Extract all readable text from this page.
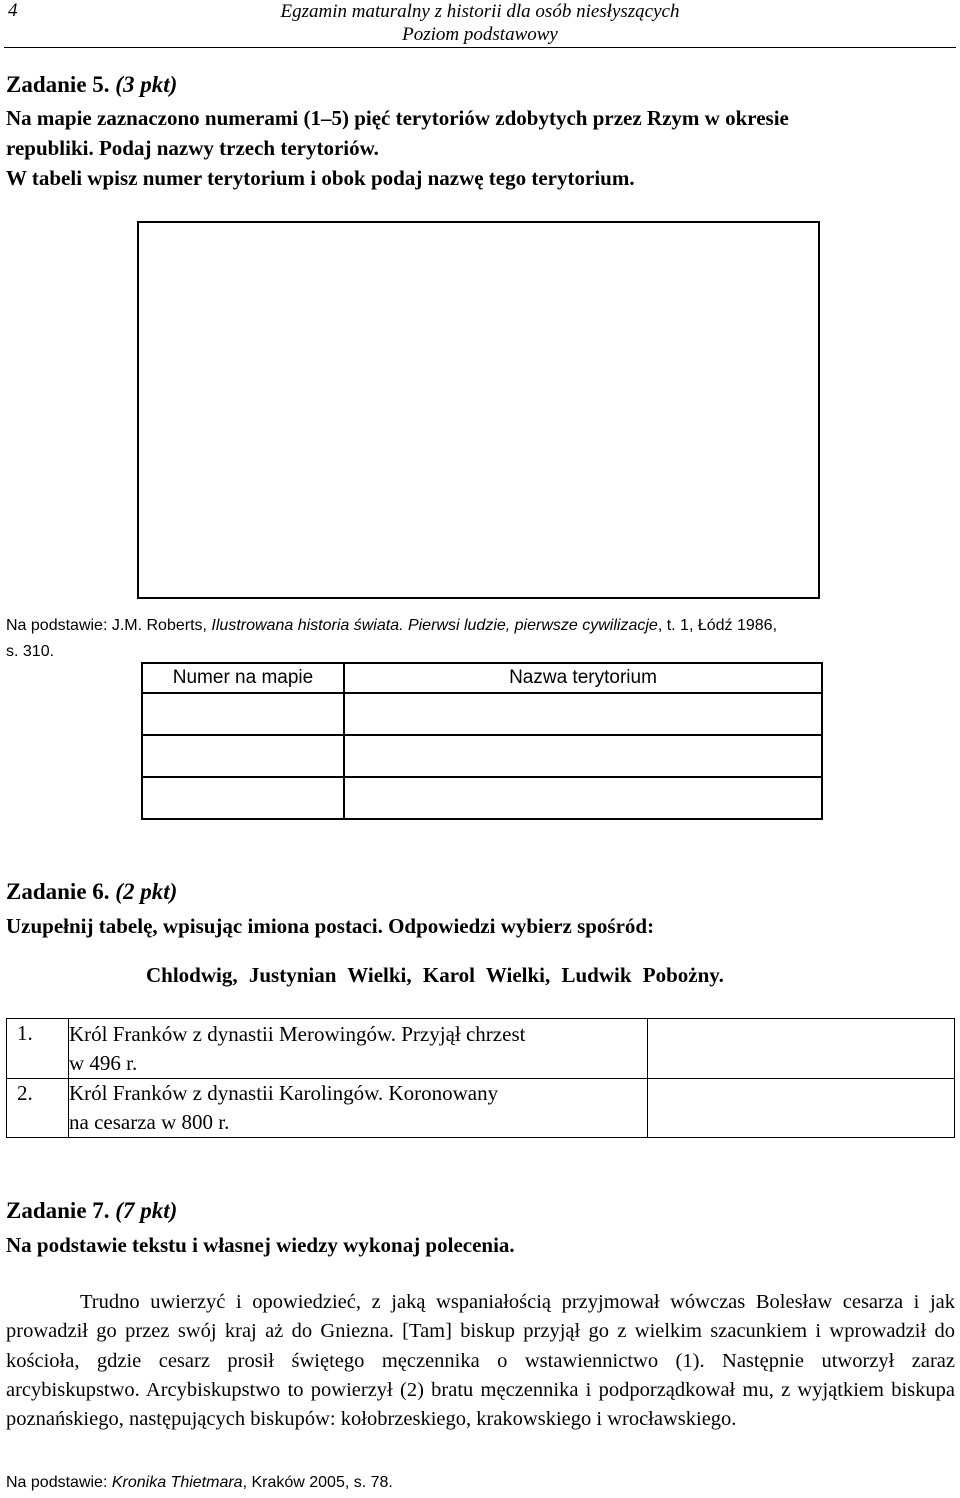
4	Egzamin maturalny z historii dla osób niesłyszących
Poziom podstawowy
Zadanie 5. (3 pkt)
Na mapie zaznaczono numerami (1–5) pięć terytoriów zdobytych przez Rzym w okresie
republiki. Podaj nazwy trzech terytoriów.
W tabeli wpisz numer terytorium i obok podaj nazwę tego terytorium.
Na podstawie: J.M. Roberts, Ilustrowana historia świata. Pierwsi ludzie, pierwsze cywilizacje, t. 1, Łódź 1986,
s. 310.
Numer na mapie	Nazwa terytorium

Zadanie 6. (2 pkt)
Uzupełnij tabelę, wpisując imiona postaci. Odpowiedzi wybierz spośród:
Chlodwig, Justynian Wielki, Karol Wielki, Ludwik Pobożny.
1.	Król Franków z dynastii Merowingów. Przyjął chrzest
w 496 r.	

2.	Król Franków z dynastii Karolingów. Koronowany
na cesarza w 800 r.	

Zadanie 7. (7 pkt)
Na podstawie tekstu i własnej wiedzy wykonaj polecenia.

Trudno uwierzyć i opowiedzieć, z jaką wspaniałością przyjmował wówczas Bolesław cesarza i jak prowadził go przez swój kraj aż do Gniezna. [Tam] biskup przyjął go z wielkim szacunkiem i wprowadził do kościoła, gdzie cesarz prosił świętego męczennika o wstawiennictwo (1). Następnie utworzył zaraz arcybiskupstwo. Arcybiskupstwo to powierzył (2) bratu męczennika i podporządkował mu, z wyjątkiem biskupa poznańskiego, następujących biskupów: kołobrzeskiego, krakowskiego i wrocławskiego.

Na podstawie: Kronika Thietmara, Kraków 2005, s. 78.
